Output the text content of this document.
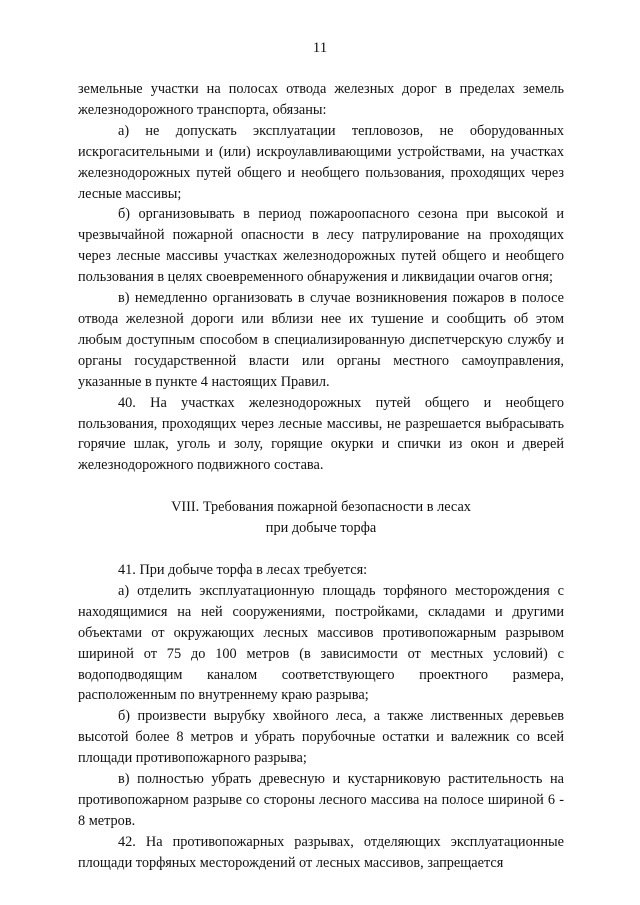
11

земельные участки на полосах отвода железных дорог в пределах земель железнодорожного транспорта, обязаны:

а) не допускать эксплуатации тепловозов, не оборудованных искрогасительными и (или) искроулавливающими устройствами, на участках железнодорожных путей общего и необщего пользования, проходящих через лесные массивы;

б) организовывать в период пожароопасного сезона при высокой и чрезвычайной пожарной опасности в лесу патрулирование на проходящих через лесные массивы участках железнодорожных путей общего и необщего пользования в целях своевременного обнаружения и ликвидации очагов огня;

в) немедленно организовать в случае возникновения пожаров в полосе отвода железной дороги или вблизи нее их тушение и сообщить об этом любым доступным способом в специализированную диспетчерскую службу и органы государственной власти или органы местного самоуправления, указанные в пункте 4 настоящих Правил.

40. На участках железнодорожных путей общего и необщего пользования, проходящих через лесные массивы, не разрешается выбрасывать горячие шлак, уголь и золу, горящие окурки и спички из окон и дверей железнодорожного подвижного состава.

VIII. Требования пожарной безопасности в лесах

при добыче торфа

41. При добыче торфа в лесах требуется:

а) отделить эксплуатационную площадь торфяного месторождения с находящимися на ней сооружениями, постройками, складами и другими объектами от окружающих лесных массивов противопожарным разрывом шириной от 75 до 100 метров (в зависимости от местных условий) с водоподводящим каналом соответствующего проектного размера, расположенным по внутреннему краю разрыва;

б) произвести вырубку хвойного леса, а также лиственных деревьев высотой более 8 метров и убрать порубочные остатки и валежник со всей площади противопожарного разрыва;

в) полностью убрать древесную и кустарниковую растительность на противопожарном разрыве со стороны лесного массива на полосе шириной 6 - 8 метров.

42. На противопожарных разрывах, отделяющих эксплуатационные площади торфяных месторождений от лесных массивов, запрещается
